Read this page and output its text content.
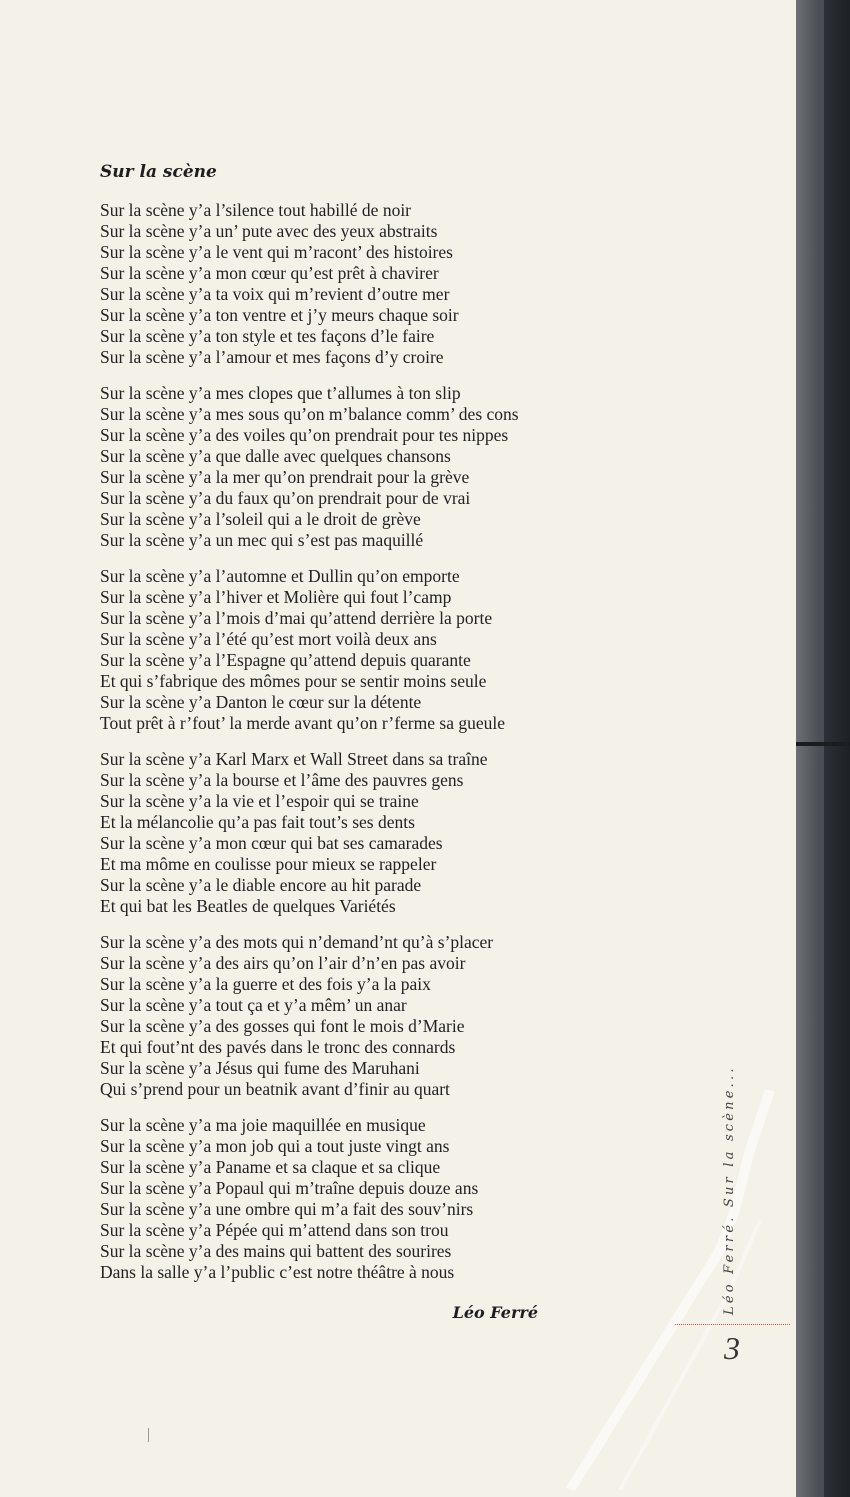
Sur la scène
Sur la scène y’a l’silence tout habillé de noir
Sur la scène y’a un’ pute avec des yeux abstraits
Sur la scène y’a le vent qui m’racont’ des histoires
Sur la scène y’a mon cœur qu’est prêt à chavirer
Sur la scène y’a ta voix qui m’revient d’outre mer
Sur la scène y’a ton ventre et j’y meurs chaque soir
Sur la scène y’a ton style et tes façons d’le faire
Sur la scène y’a l’amour et mes façons d’y croire
Sur la scène y’a mes clopes que t’allumes à ton slip
Sur la scène y’a mes sous qu’on m’balance comm’ des cons
Sur la scène y’a des voiles qu’on prendrait pour tes nippes
Sur la scène y’a que dalle avec quelques chansons
Sur la scène y’a la mer qu’on prendrait pour la grève
Sur la scène y’a du faux qu’on prendrait pour de vrai
Sur la scène y’a l’soleil qui a le droit de grève
Sur la scène y’a un mec qui s’est pas maquillé
Sur la scène y’a l’automne et Dullin qu’on emporte
Sur la scène y’a l’hiver et Molière qui fout l’camp
Sur la scène y’a l’mois d’mai qu’attend derrière la porte
Sur la scène y’a l’été qu’est mort voilà deux ans
Sur la scène y’a l’Espagne qu’attend depuis quarante
Et qui s’fabrique des mômes pour se sentir moins seule
Sur la scène y’a Danton le cœur sur la détente
Tout prêt à r’fout’ la merde avant qu’on r’ferme sa gueule
Sur la scène y’a Karl Marx et Wall Street dans sa traîne
Sur la scène y’a la bourse et l’âme des pauvres gens
Sur la scène y’a la vie et l’espoir qui se traine
Et la mélancolie qu’a pas fait tout’s ses dents
Sur la scène y’a mon cœur qui bat ses camarades
Et ma môme en coulisse pour mieux se rappeler
Sur la scène y’a le diable encore au hit parade
Et qui bat les Beatles de quelques Variétés
Sur la scène y’a des mots qui n’demand’nt qu’à s’placer
Sur la scène y’a des airs qu’on l’air d’n’en pas avoir
Sur la scène y’a la guerre et des fois y’a la paix
Sur la scène y’a tout ça et y’a mêm’ un anar
Sur la scène y’a des gosses qui font le mois d’Marie
Et qui fout’nt des pavés dans le tronc des connards
Sur la scène y’a Jésus qui fume des Maruhani
Qui s’prend pour un beatnik avant d’finir au quart
Sur la scène y’a ma joie maquillée en musique
Sur la scène y’a mon job qui a tout juste vingt ans
Sur la scène y’a Paname et sa claque et sa clique
Sur la scène y’a Popaul qui m’traîne depuis douze ans
Sur la scène y’a une ombre qui m’a fait des souv’nirs
Sur la scène y’a Pépée qui m’attend dans son trou
Sur la scène y’a des mains qui battent des sourires
Dans la salle y’a l’public c’est notre théâtre à nous
Léo Ferré	Léo Ferré. Sur la scène...
3
